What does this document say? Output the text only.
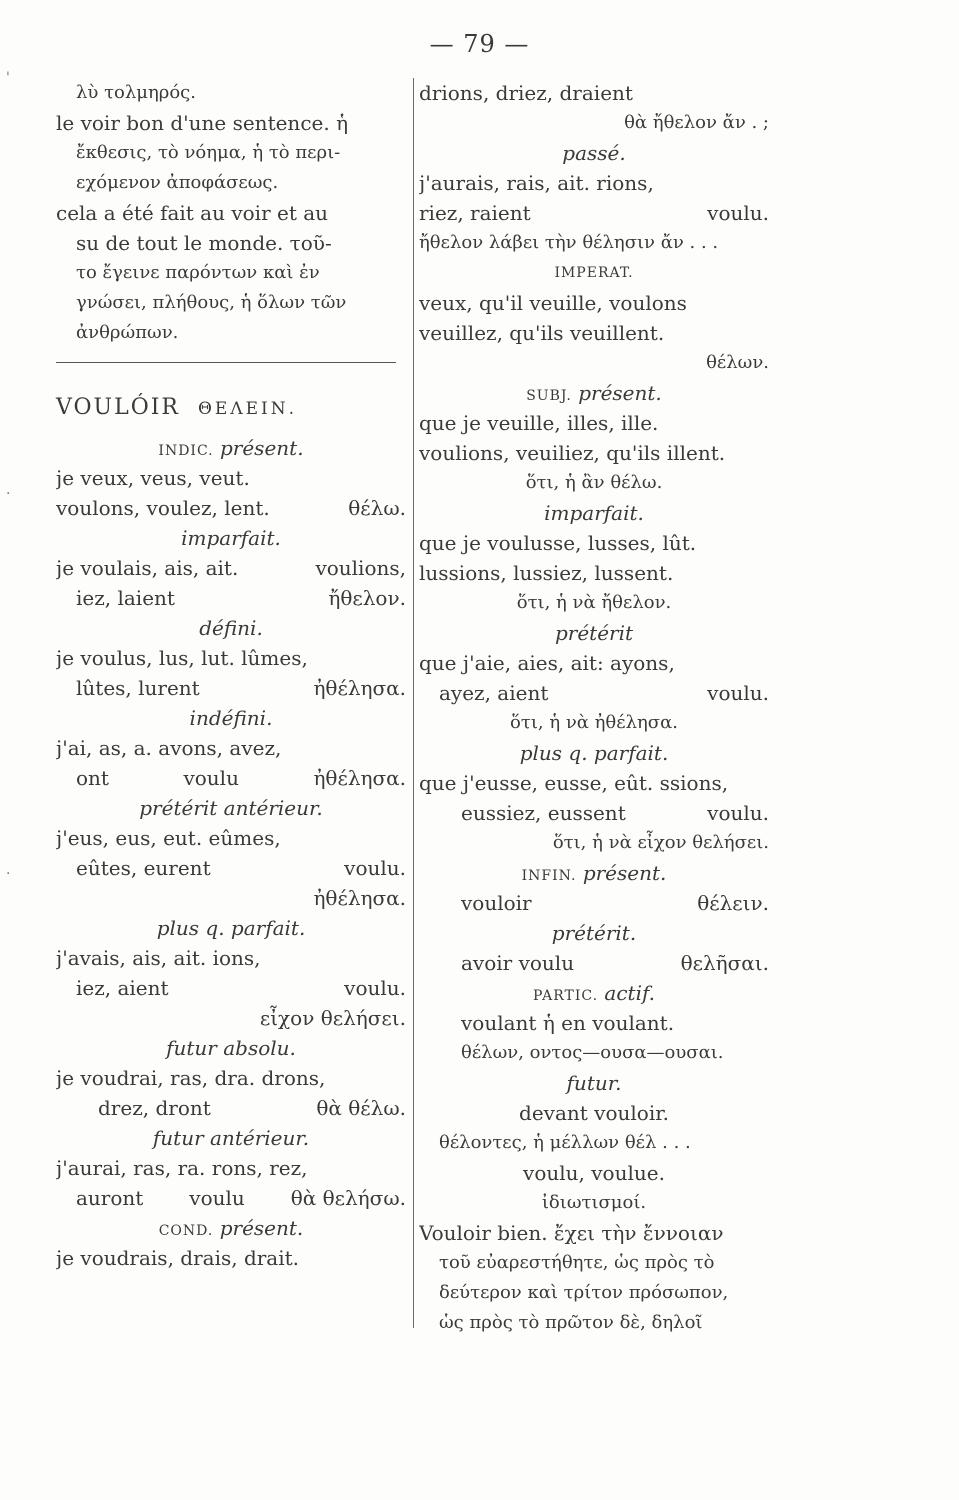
— 79 —
'
·
·
λὺ τολμηρός.
le voir bon d'une sentence. ἡ
ἔκθεσις, τὸ νόημα, ἡ τὸ περι-
εχόμενον ἀποφάσεως.
cela a été fait au voir et au
su de tout le monde. τοῦ-
το ἔγεινε παρόντων καὶ ἐν
γνώσει, πλήθους, ἡ ὅλων τῶν
ἀνθρώπων.
VOULÓIR ΘΕΛΕΙΝ.
INDIC. présent.
je veux, veus, veut.
voulons, voulez, lent.	θέλω.
imparfait.
je voulais, ais, ait.	voulions,
iez, laient	ἤθελον.
défini.
je voulus, lus, lut. lûmes,
lûtes, lurent	ἠθέλησα.
indéfini.
j'ai, as, a. avons, avez,
ont	voulu	ἠθέλησα.
prétérit antérieur.
j'eus, eus, eut. eûmes,
eûtes, eurent	voulu.
ἠθέλησα.
plus q. parfait.
j'avais, ais, ait. ions,
iez, aient	voulu.
εἶχον θελήσει.
futur absolu.
je voudrai, ras, dra. drons,
drez, dront	θὰ θέλω.
futur antérieur.
j'aurai, ras, ra. rons, rez,
auront voulu θὰ θελήσω.
COND. présent.
je voudrais, drais, drait.
drions, driez, draient
θὰ ἤθελον ἄν . ;
passé.
j'aurais, rais, ait. rions,
riez, raient	voulu.
ἤθελον λάβει τὴν θέλησιν ἄν . . .
IMPERAT.
veux, qu'il veuille, voulons
veuillez, qu'ils veuillent.
θέλων.
SUBJ. présent.
que je veuille, illes, ille.
voulions, veuiliez, qu'ils illent.
ὅτι, ἡ ἂν θέλω.
imparfait.
que je voulusse, lusses, lût.
lussions, lussiez, lussent.
ὅτι, ἡ νὰ ἤθελον.
prétérit
que j'aie, aies, ait: ayons,
ayez, aient	voulu.
ὅτι, ἡ νὰ ἠθέλησα.
plus q. parfait.
que j'eusse, eusse, eût. ssions,
eussiez, eussent	voulu.
ὅτι, ἡ νὰ εἶχον θελήσει.
INFIN. présent.
vouloir	θέλειν.
prétérit.
avoir voulu	θελῆσαι.
PARTIC. actif.
voulant ἡ en voulant.
θέλων, οντος—ουσα—ουσαι.
futur.
devant vouloir.
θέλοντες, ἡ μέλλων θέλ . . .
voulu, voulue.
ἰδιωτισμοί.
Vouloir bien. ἔχει τὴν ἔννοιαν
τοῦ εὐαρεστήθητε, ὡς πρὸς τὸ
δεύτερον καὶ τρίτον πρόσωπον,
ὡς πρὸς τὸ πρῶτον δὲ, δηλοῖ
